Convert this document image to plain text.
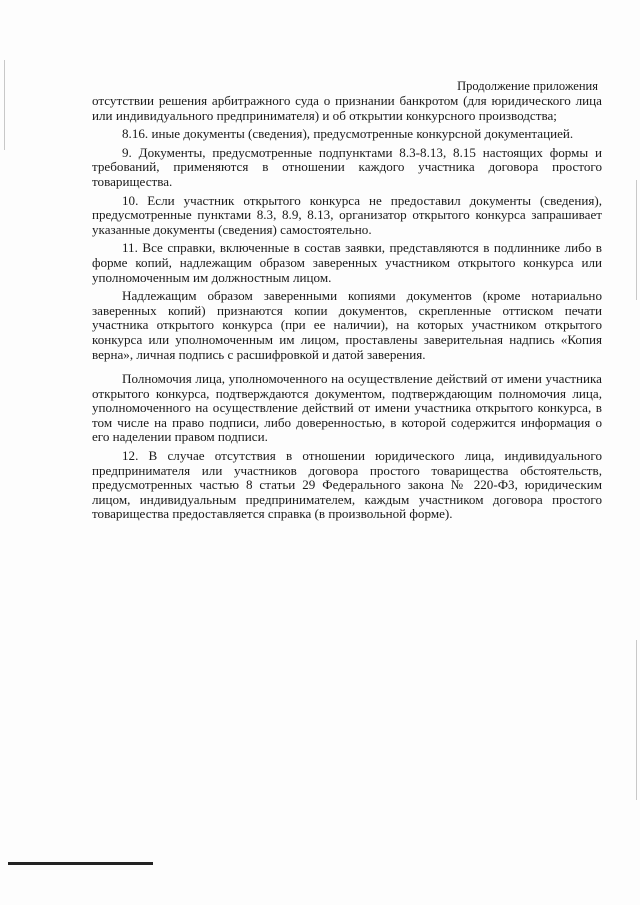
Продолжение приложения

отсутствии решения арбитражного суда о признании банкротом (для юридического лица или индивидуального предпринимателя) и об открытии конкурсного производства;

8.16. иные документы (сведения), предусмотренные конкурсной документацией.

9. Документы, предусмотренные подпунктами 8.3-8.13, 8.15 настоящих формы и требований, применяются в отношении каждого участника договора простого товарищества.

10. Если участник открытого конкурса не предоставил документы (сведения), предусмотренные пунктами 8.3, 8.9, 8.13, организатор открытого конкурса запрашивает указанные документы (сведения) самостоятельно.

11. Все справки, включенные в состав заявки, представляются в подлиннике либо в форме копий, надлежащим образом заверенных участником открытого конкурса или уполномоченным им должностным лицом.

Надлежащим образом заверенными копиями документов (кроме нотариально заверенных копий) признаются копии документов, скрепленные оттиском печати участника открытого конкурса (при ее наличии), на которых участником открытого конкурса или уполномоченным им лицом, проставлены заверительная надпись «Копия верна», личная подпись с расшифровкой и датой заверения.

Полномочия лица, уполномоченного на осуществление действий от имени участника открытого конкурса, подтверждаются документом, подтверждающим полномочия лица, уполномоченного на осуществление действий от имени участника открытого конкурса, в том числе на право подписи, либо доверенностью, в которой содержится информация о его наделении правом подписи.

12. В случае отсутствия в отношении юридического лица, индивидуального предпринимателя или участников договора простого товарищества обстоятельств, предусмотренных частью 8 статьи 29 Федерального закона № 220-ФЗ, юридическим лицом, индивидуальным предпринимателем, каждым участником договора простого товарищества предоставляется справка (в произвольной форме).
